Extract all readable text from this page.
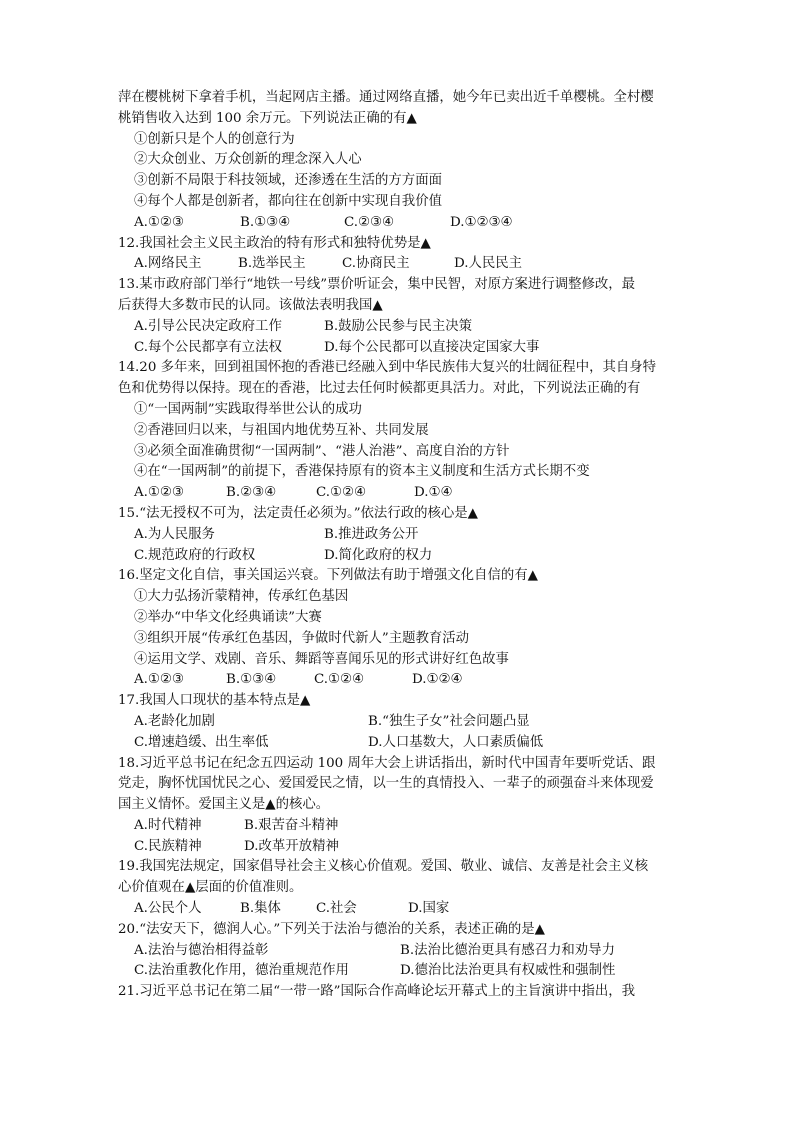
萍在樱桃树下拿着手机，当起网店主播。通过网络直播，她今年已卖出近千单樱桃。全村樱
桃销售收入达到 100 余万元。下列说法正确的有▲
①创新只是个人的创意行为
②大众创业、万众创新的理念深入人心
③创新不局限于科技领域，还渗透在生活的方方面面
④每个人都是创新者，都向往在创新中实现自我价值
A.①②③	B.①③④	C.②③④	D.①②③④
12.我国社会主义民主政治的特有形式和独特优势是▲
A.网络民主	B.选举民主	C.协商民主	D.人民民主
13.某市政府部门举行“地铁一号线”票价听证会，集中民智，对原方案进行调整修改，最
后获得大多数市民的认同。该做法表明我国▲
A.引导公民决定政府工作	B.鼓励公民参与民主决策
C.每个公民都享有立法权	D.每个公民都可以直接决定国家大事
14.20 多年来，回到祖国怀抱的香港已经融入到中华民族伟大复兴的壮阔征程中，其自身特
色和优势得以保持。现在的香港，比过去任何时候都更具活力。对此，下列说法正确的有
①“一国两制”实践取得举世公认的成功
②香港回归以来，与祖国内地优势互补、共同发展
③必须全面准确贯彻“一国两制”、“港人治港”、高度自治的方针
④在“一国两制”的前提下，香港保持原有的资本主义制度和生活方式长期不变
A.①②③	B.②③④	C.①②④	D.①④
15.“法无授权不可为，法定责任必须为。”依法行政的核心是▲
A.为人民服务	B.推进政务公开
C.规范政府的行政权	D.简化政府的权力
16.坚定文化自信，事关国运兴衰。下列做法有助于增强文化自信的有▲
①大力弘扬沂蒙精神，传承红色基因
②举办“中华文化经典诵读”大赛
③组织开展“传承红色基因，争做时代新人”主题教育活动
④运用文学、戏剧、音乐、舞蹈等喜闻乐见的形式讲好红色故事
A.①②③	B.①③④	C.①②④	D.①②④
17.我国人口现状的基本特点是▲
A.老龄化加剧	B.“独生子女”社会问题凸显
C.增速趋缓、出生率低	D.人口基数大，人口素质偏低
18.习近平总书记在纪念五四运动 100 周年大会上讲话指出，新时代中国青年要听党话、跟
党走，胸怀忧国忧民之心、爱国爱民之情，以一生的真情投入、一辈子的顽强奋斗来体现爱
国主义情怀。爱国主义是▲的核心。
A.时代精神	B.艰苦奋斗精神
C.民族精神	D.改革开放精神
19.我国宪法规定，国家倡导社会主义核心价值观。爱国、敬业、诚信、友善是社会主义核
心价值观在▲层面的价值准则。
A.公民个人	B.集体	C.社会	D.国家
20.“法安天下，德润人心。”下列关于法治与德治的关系，表述正确的是▲
A.法治与德治相得益彰	B.法治比德治更具有感召力和劝导力
C.法治重教化作用，德治重规范作用	D.德治比法治更具有权威性和强制性
21.习近平总书记在第二届“一带一路”国际合作高峰论坛开幕式上的主旨演讲中指出，我
